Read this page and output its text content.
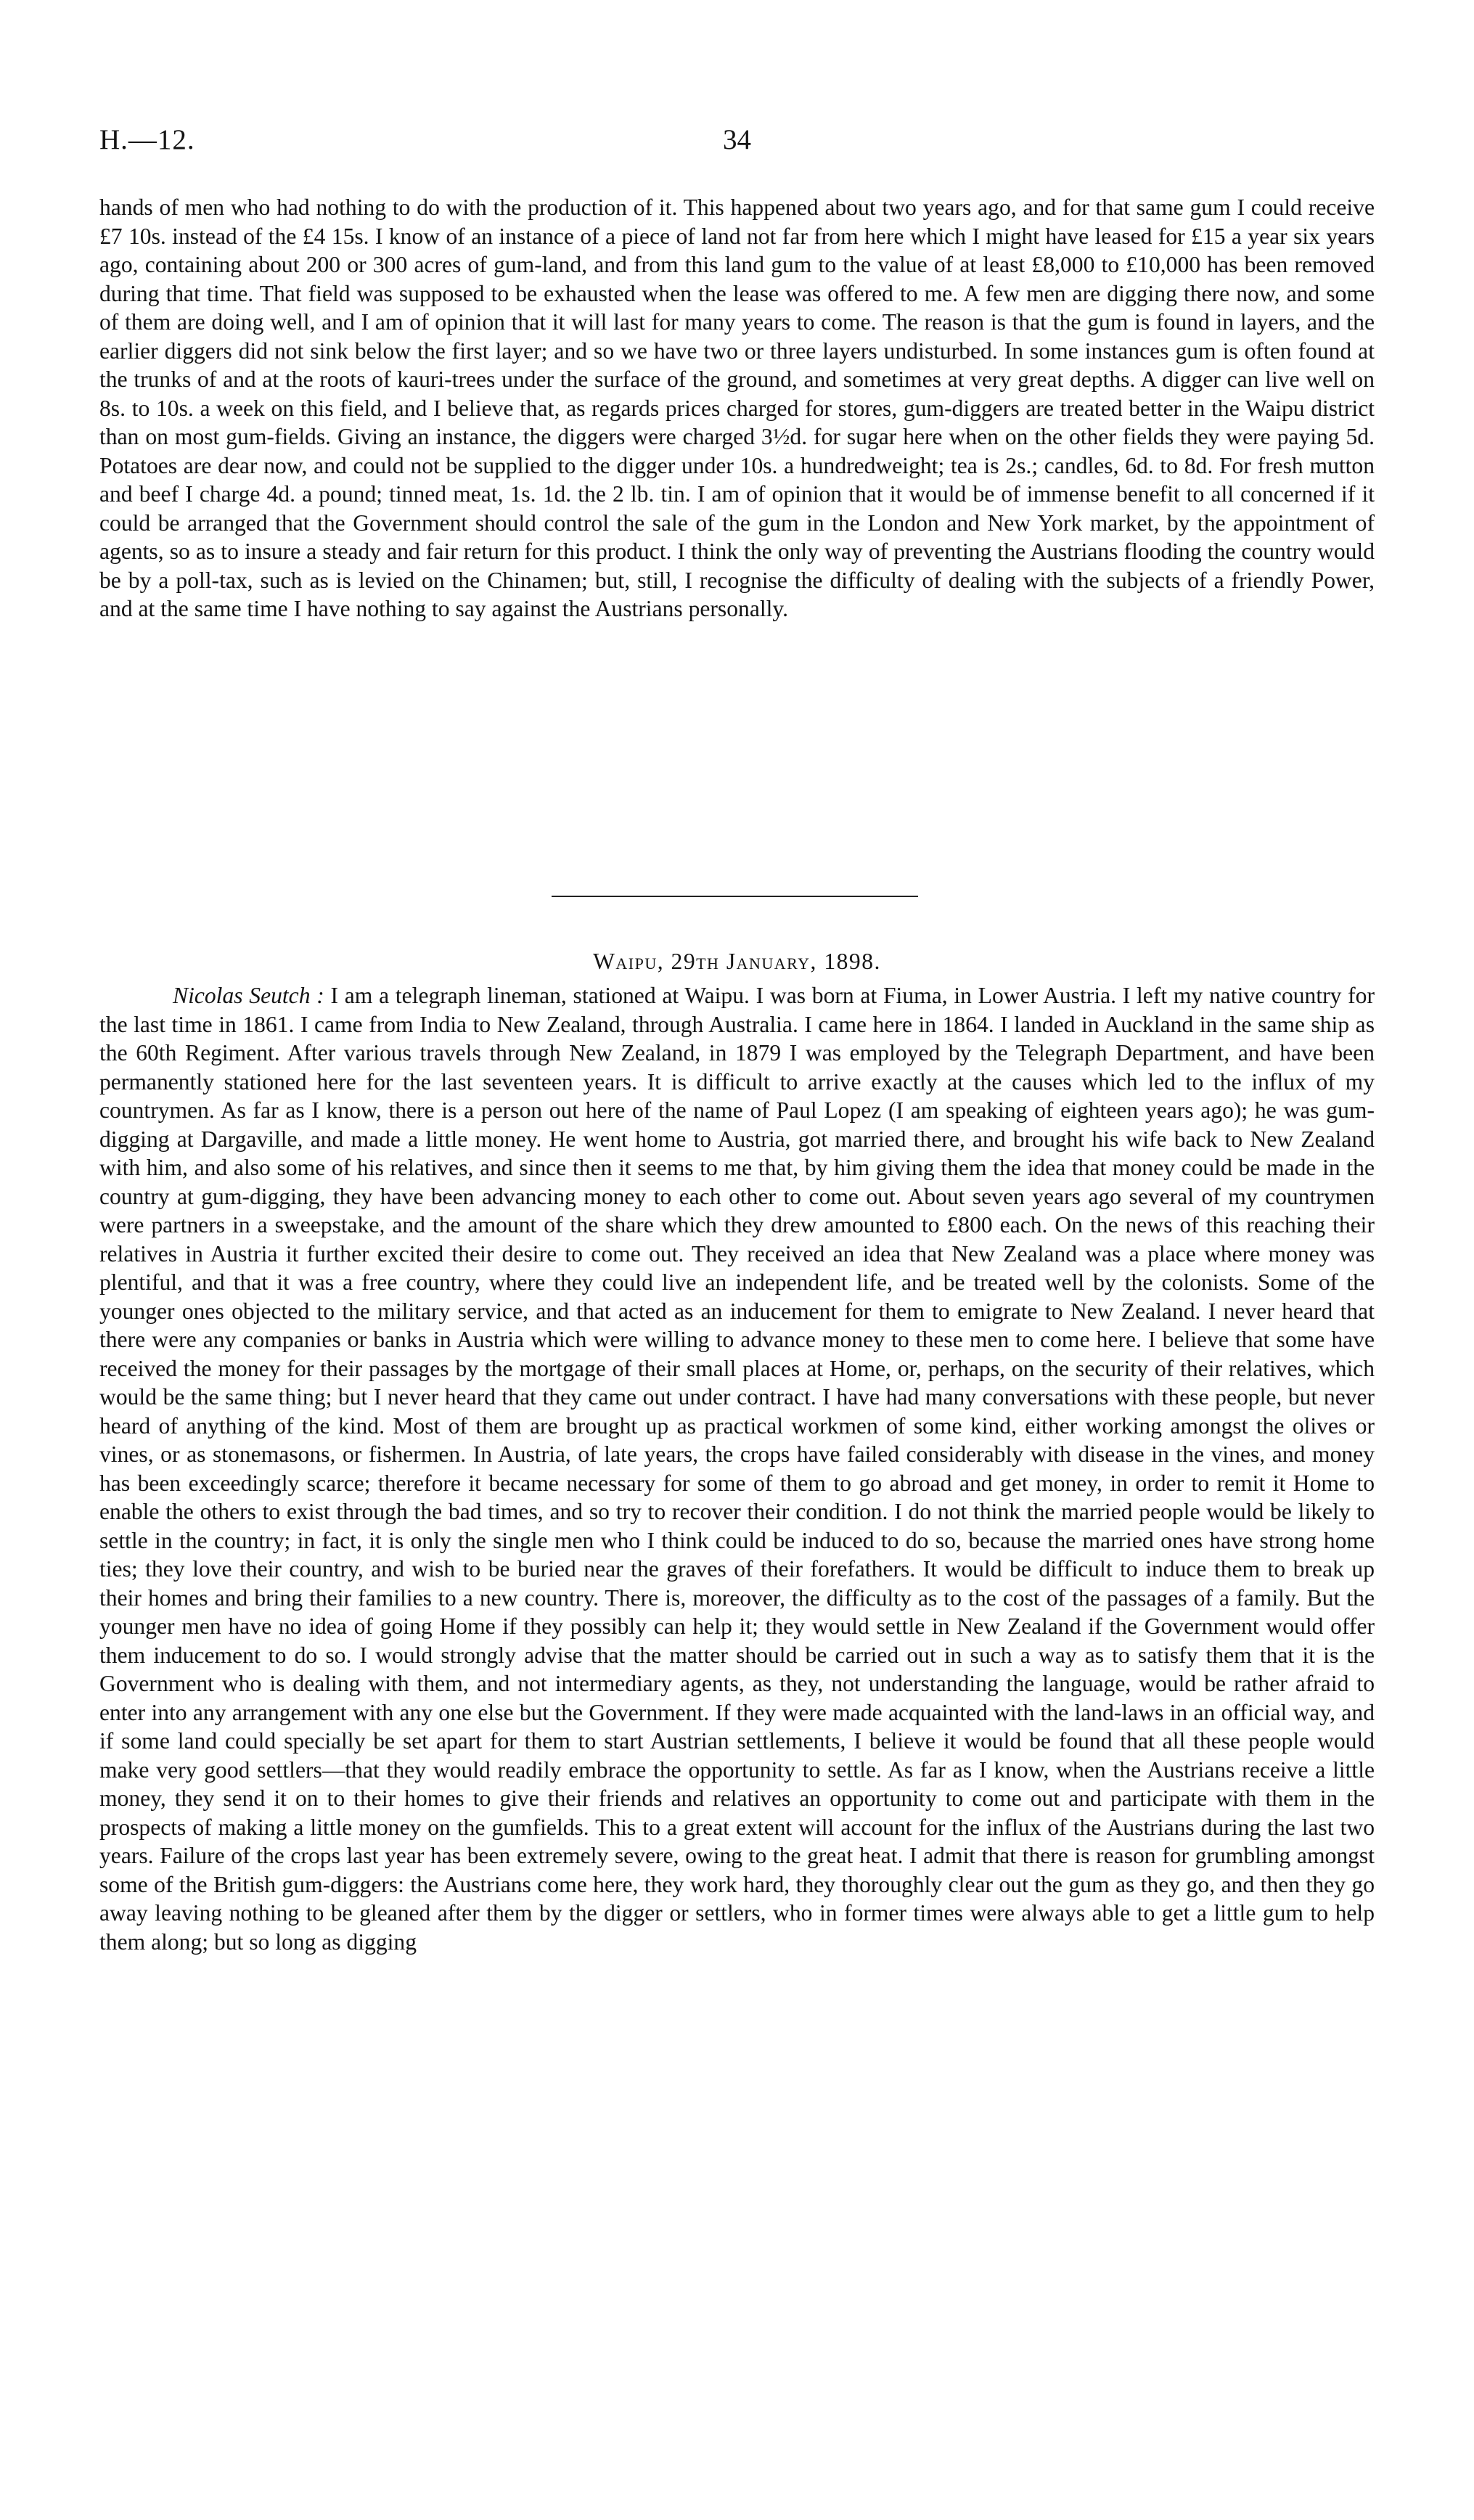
H.—12.	34

hands of men who had nothing to do with the production of it. This happened about two years ago, and for that same gum I could receive £7 10s. instead of the £4 15s. I know of an instance of a piece of land not far from here which I might have leased for £15 a year six years ago, containing about 200 or 300 acres of gum-land, and from this land gum to the value of at least £8,000 to £10,000 has been removed during that time. That field was supposed to be exhausted when the lease was offered to me. A few men are digging there now, and some of them are doing well, and I am of opinion that it will last for many years to come. The reason is that the gum is found in layers, and the earlier diggers did not sink below the first layer; and so we have two or three layers undisturbed. In some instances gum is often found at the trunks of and at the roots of kauri-trees under the surface of the ground, and sometimes at very great depths. A digger can live well on 8s. to 10s. a week on this field, and I believe that, as regards prices charged for stores, gum-diggers are treated better in the Waipu district than on most gum-fields. Giving an instance, the diggers were charged 3½d. for sugar here when on the other fields they were paying 5d. Potatoes are dear now, and could not be supplied to the digger under 10s. a hundredweight; tea is 2s.; candles, 6d. to 8d. For fresh mutton and beef I charge 4d. a pound; tinned meat, 1s. 1d. the 2 lb. tin. I am of opinion that it would be of immense benefit to all concerned if it could be arranged that the Government should control the sale of the gum in the London and New York market, by the appointment of agents, so as to insure a steady and fair return for this product. I think the only way of preventing the Austrians flooding the country would be by a poll-tax, such as is levied on the Chinamen; but, still, I recognise the difficulty of dealing with the subjects of a friendly Power, and at the same time I have nothing to say against the Austrians personally.

Waipu, 29th January, 1898.

Nicolas Seutch : I am a telegraph lineman, stationed at Waipu. I was born at Fiuma, in Lower Austria. I left my native country for the last time in 1861. I came from India to New Zealand, through Australia. I came here in 1864. I landed in Auckland in the same ship as the 60th Regiment. After various travels through New Zealand, in 1879 I was employed by the Telegraph Department, and have been permanently stationed here for the last seventeen years. It is difficult to arrive exactly at the causes which led to the influx of my countrymen. As far as I know, there is a person out here of the name of Paul Lopez (I am speaking of eighteen years ago); he was gum-digging at Dargaville, and made a little money. He went home to Austria, got married there, and brought his wife back to New Zealand with him, and also some of his relatives, and since then it seems to me that, by him giving them the idea that money could be made in the country at gum-digging, they have been advancing money to each other to come out. About seven years ago several of my countrymen were partners in a sweepstake, and the amount of the share which they drew amounted to £800 each. On the news of this reaching their relatives in Austria it further excited their desire to come out. They received an idea that New Zealand was a place where money was plentiful, and that it was a free country, where they could live an independent life, and be treated well by the colonists. Some of the younger ones objected to the military service, and that acted as an inducement for them to emigrate to New Zealand. I never heard that there were any companies or banks in Austria which were willing to advance money to these men to come here. I believe that some have received the money for their passages by the mortgage of their small places at Home, or, perhaps, on the security of their relatives, which would be the same thing; but I never heard that they came out under contract. I have had many conversations with these people, but never heard of anything of the kind. Most of them are brought up as practical workmen of some kind, either working amongst the olives or vines, or as stonemasons, or fishermen. In Austria, of late years, the crops have failed considerably with disease in the vines, and money has been exceedingly scarce; therefore it became necessary for some of them to go abroad and get money, in order to remit it Home to enable the others to exist through the bad times, and so try to recover their condition. I do not think the married people would be likely to settle in the country; in fact, it is only the single men who I think could be induced to do so, because the married ones have strong home ties; they love their country, and wish to be buried near the graves of their forefathers. It would be difficult to induce them to break up their homes and bring their families to a new country. There is, moreover, the difficulty as to the cost of the passages of a family. But the younger men have no idea of going Home if they possibly can help it; they would settle in New Zealand if the Government would offer them inducement to do so. I would strongly advise that the matter should be carried out in such a way as to satisfy them that it is the Government who is dealing with them, and not intermediary agents, as they, not understanding the language, would be rather afraid to enter into any arrangement with any one else but the Government. If they were made acquainted with the land-laws in an official way, and if some land could specially be set apart for them to start Austrian settlements, I believe it would be found that all these people would make very good settlers—that they would readily embrace the opportunity to settle. As far as I know, when the Austrians receive a little money, they send it on to their homes to give their friends and relatives an opportunity to come out and participate with them in the prospects of making a little money on the gumfields. This to a great extent will account for the influx of the Austrians during the last two years. Failure of the crops last year has been extremely severe, owing to the great heat. I admit that there is reason for grumbling amongst some of the British gum-diggers: the Austrians come here, they work hard, they thoroughly clear out the gum as they go, and then they go away leaving nothing to be gleaned after them by the digger or settlers, who in former times were always able to get a little gum to help them along; but so long as digging
